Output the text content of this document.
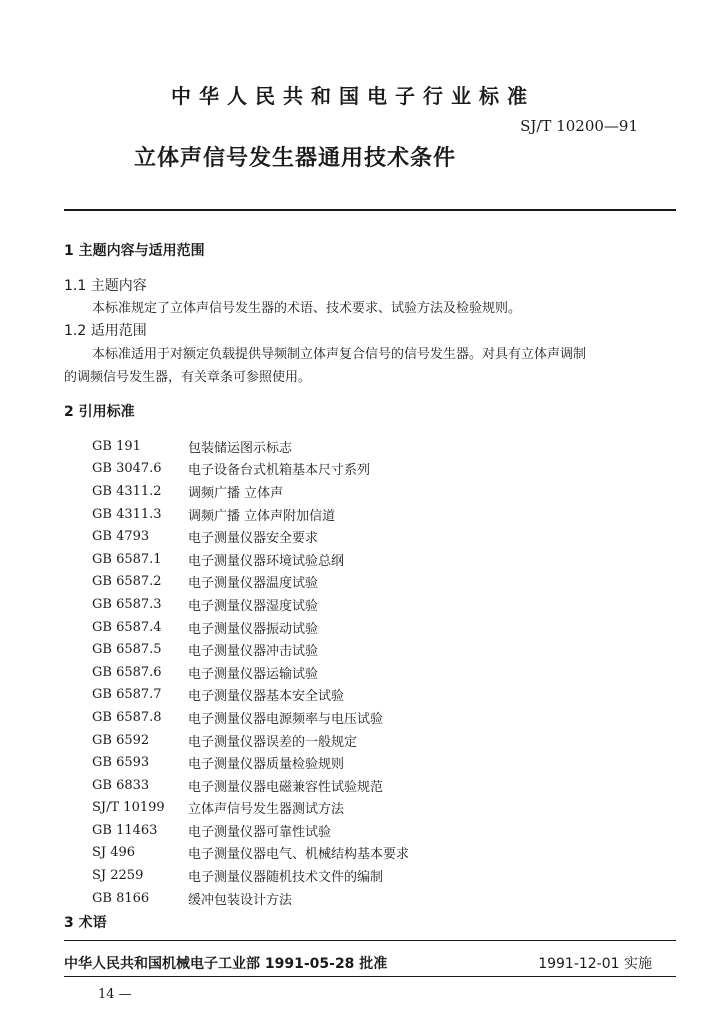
中华人民共和国电子行业标准
SJ/T 10200—91
立体声信号发生器通用技术条件
1 主题内容与适用范围
1.1 主题内容
本标准规定了立体声信号发生器的术语、技术要求、试验方法及检验规则。
1.2 适用范围
本标准适用于对额定负载提供导频制立体声复合信号的信号发生器。对具有立体声调制
的调频信号发生器，有关章条可参照使用。
2 引用标准
GB 191	包装储运图示标志
GB 3047.6	电子设备台式机箱基本尺寸系列
GB 4311.2	调频广播 立体声
GB 4311.3	调频广播 立体声附加信道
GB 4793	电子测量仪器安全要求
GB 6587.1	电子测量仪器环境试验总纲
GB 6587.2	电子测量仪器温度试验
GB 6587.3	电子测量仪器湿度试验
GB 6587.4	电子测量仪器振动试验
GB 6587.5	电子测量仪器冲击试验
GB 6587.6	电子测量仪器运输试验
GB 6587.7	电子测量仪器基本安全试验
GB 6587.8	电子测量仪器电源频率与电压试验
GB 6592	电子测量仪器误差的一般规定
GB 6593	电子测量仪器质量检验规则
GB 6833	电子测量仪器电磁兼容性试验规范
SJ/T 10199	立体声信号发生器测试方法
GB 11463	电子测量仪器可靠性试验
SJ 496	电子测量仪器电气、机械结构基本要求
SJ 2259	电子测量仪器随机技术文件的编制
GB 8166	缓冲包装设计方法
3 术语
中华人民共和国机械电子工业部 1991-05-28 批准	1991-12-01 实施
14 —
